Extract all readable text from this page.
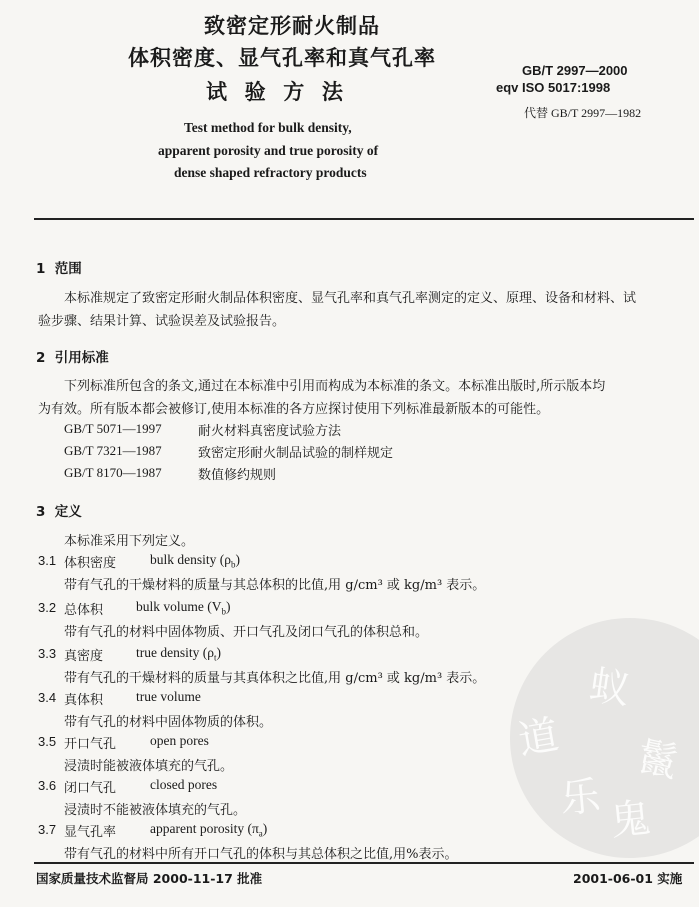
道
乐
蚁
鬣
鬼
致密定形耐火制品
体积密度、显气孔率和真气孔率
试  验  方  法
Test method for bulk density,
apparent porosity and true porosity of
dense shaped refractory products
GB/T 2997—2000
eqv ISO 5017:1998
代替 GB/T 2997—1982
1  范围
本标准规定了致密定形耐火制品体积密度、显气孔率和真气孔率测定的定义、原理、设备和材料、试
验步骤、结果计算、试验误差及试验报告。
2  引用标准
下列标准所包含的条文,通过在本标准中引用而构成为本标准的条文。本标准出版时,所示版本均
为有效。所有版本都会被修订,使用本标准的各方应探讨使用下列标准最新版本的可能性。
GB/T 5071—1997	耐火材料真密度试验方法
GB/T 7321—1987	致密定形耐火制品试验的制样规定
GB/T 8170—1987	数值修约规则
3  定义
本标准采用下列定义。
3.1 体积密度	bulk density $(\rho_b)$
带有气孔的干燥材料的质量与其总体积的比值,用 g/cm³ 或 kg/m³ 表示。
3.2 总体积 bulk volume $(V_b)$
带有气孔的材料中固体物质、开口气孔及闭口气孔的体积总和。
3.3 真密度 true density $(\rho_t)$
带有气孔的干燥材料的质量与其真体积之比值,用 g/cm³ 或 kg/m³ 表示。
3.4 真体积 true volume
带有气孔的材料中固体物质的体积。
3.5 开口气孔	open pores
浸渍时能被液体填充的气孔。
3.6 闭口气孔	closed pores
浸渍时不能被液体填充的气孔。
3.7 显气孔率	apparent porosity $(\pi_a)$
带有气孔的材料中所有开口气孔的体积与其总体积之比值,用%表示。
国家质量技术监督局 2000-11-17 批准	2001-06-01 实施
